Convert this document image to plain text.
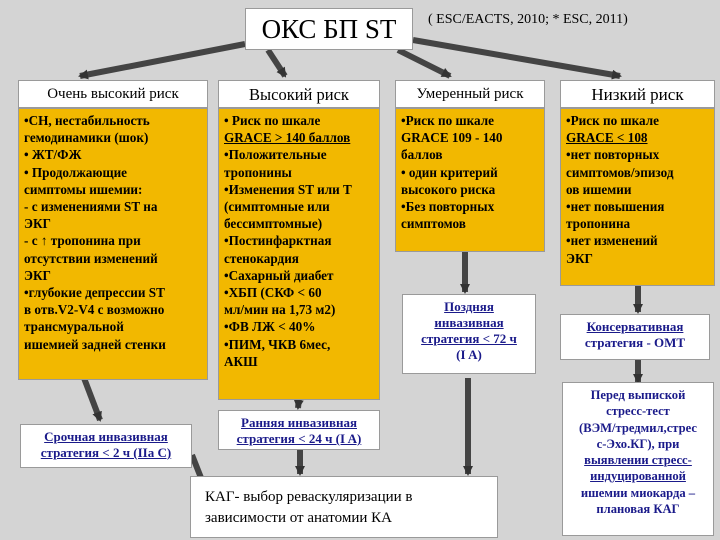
ОКС БП ST	( ESC/EACTS, 2010; * ESC, 2011)
Очень высокий риск	Высокий риск	Умеренный риск	Низкий риск
•СН, нестабильность
гемодинамики (шок)
• ЖТ/ФЖ
• Продолжающие
симптомы ишемии:
- с изменениями ST на
ЭКГ
- с ↑ тропонина при
отсутствии изменений
ЭКГ
•глубокие депрессии ST
в отв.V2-V4 с возможно
трансмуральной
ишемией задней стенки
• Риск по шкале
GRACE > 140 баллов
•Положительные
тропонины
•Изменения ST или T
(симптомные или
бессимптомные)
•Постинфарктная
стенокардия
•Сахарный диабет
•ХБП (СКФ < 60
мл/мин на 1,73 м2)
•ФВ ЛЖ < 40%
•ПИМ, ЧКВ 6мес,
АКШ
•Риск по шкале
GRACE 109 - 140
баллов
• один критерий
высокого риска
•Без повторных
симптомов
•Риск по шкале
GRACE < 108
•нет повторных
симптомов/эпизод
ов ишемии
•нет повышения
тропонина
•нет изменений
ЭКГ
Срочная инвазивная
стратегия < 2 ч (IIa C)
Ранняя инвазивная
стратегия < 24 ч (I A)
Поздняя
инвазивная
стратегия < 72 ч
(I A)
Консервативная
стратегия - ОМТ
КАГ- выбор реваскуляризации в
зависимости от анатомии КА
Перед выпиской
стресс-тест
(ВЭМ/тредмил,стрес
с-Эхо.КГ), при
выявлении стресс-
индуцированной
ишемии миокарда –
плановая КАГ
